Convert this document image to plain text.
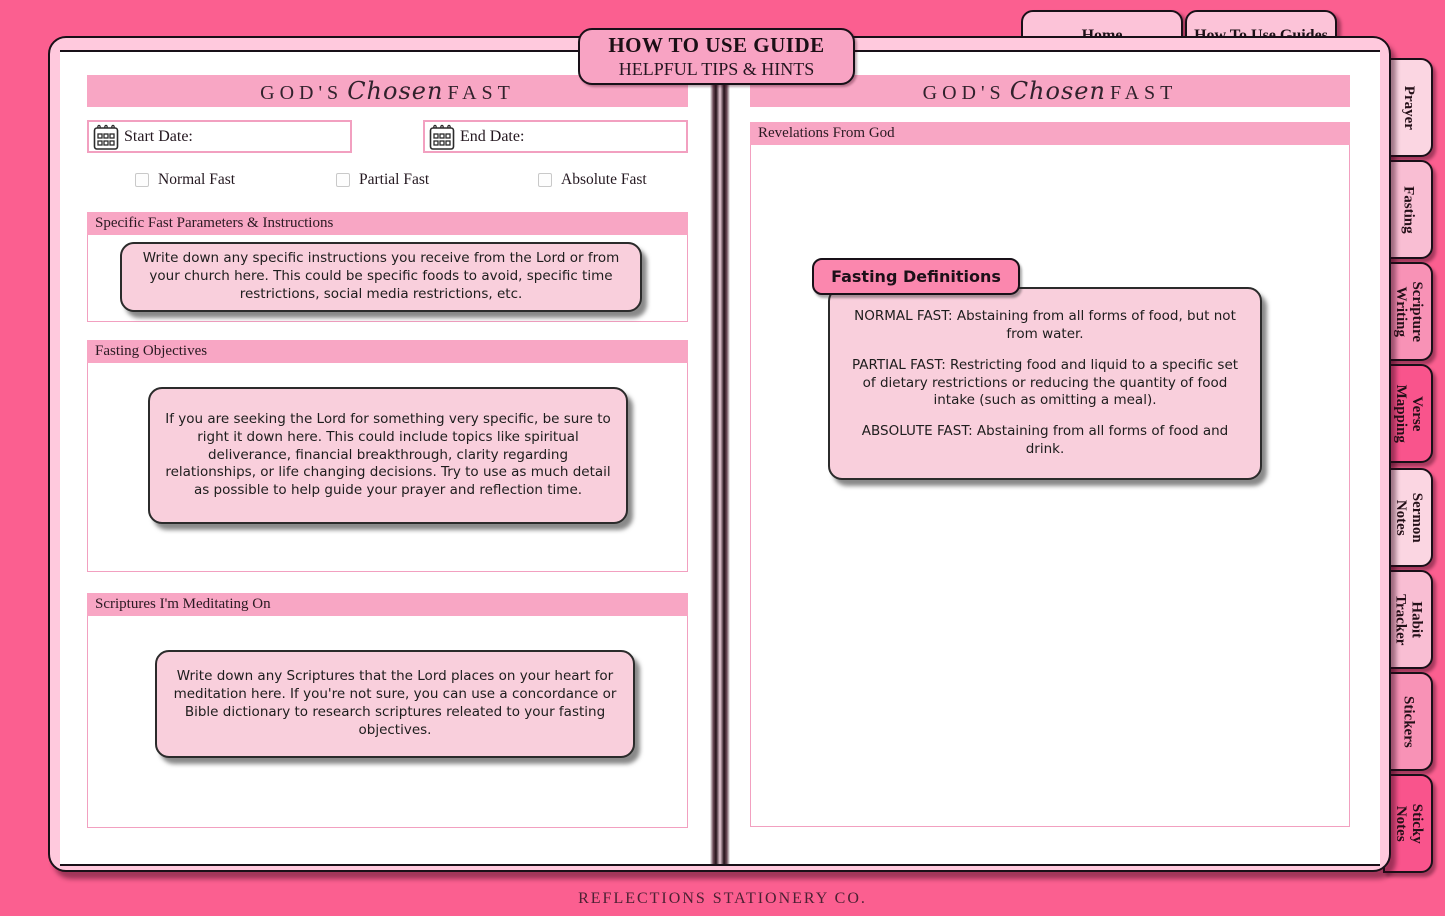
Prayer
Fasting
Scripture Writing
Verse Mapping
Sermon Notes
Habit Tracker
Stickers
Sticky Notes
GOD'S Chosen FAST
Start Date:	End Date:
Normal Fast	Partial Fast	Absolute Fast
Specific Fast Parameters & Instructions

Write down any specific instructions you receive from the Lord or from your church here. This could be specific foods to avoid, specific time restrictions, social media restrictions, etc.

Fasting Objectives

If you are seeking the Lord for something very specific, be sure to right it down here. This could include topics like spiritual deliverance, financial breakthrough, clarity regarding relationships, or life changing decisions. Try to use as much detail as possible to help guide your prayer and reflection time.

Scriptures I'm Meditating On

Write down any Scriptures that the Lord places on your heart for meditation here. If you're not sure, you can use a concordance or Bible dictionary to research scriptures releated to your fasting objectives.

GOD'S Chosen FAST
Revelations From God
Fasting Definitions

NORMAL FAST: Abstaining from all forms of food, but not from water.

PARTIAL FAST: Restricting food and liquid to a specific set of dietary restrictions or reducing the quantity of food intake (such as omitting a meal).

ABSOLUTE FAST: Abstaining from all forms of food and drink.

HOW TO USE GUIDE
HELPFUL TIPS & HINTS
REFLECTIONS STATIONERY CO.
